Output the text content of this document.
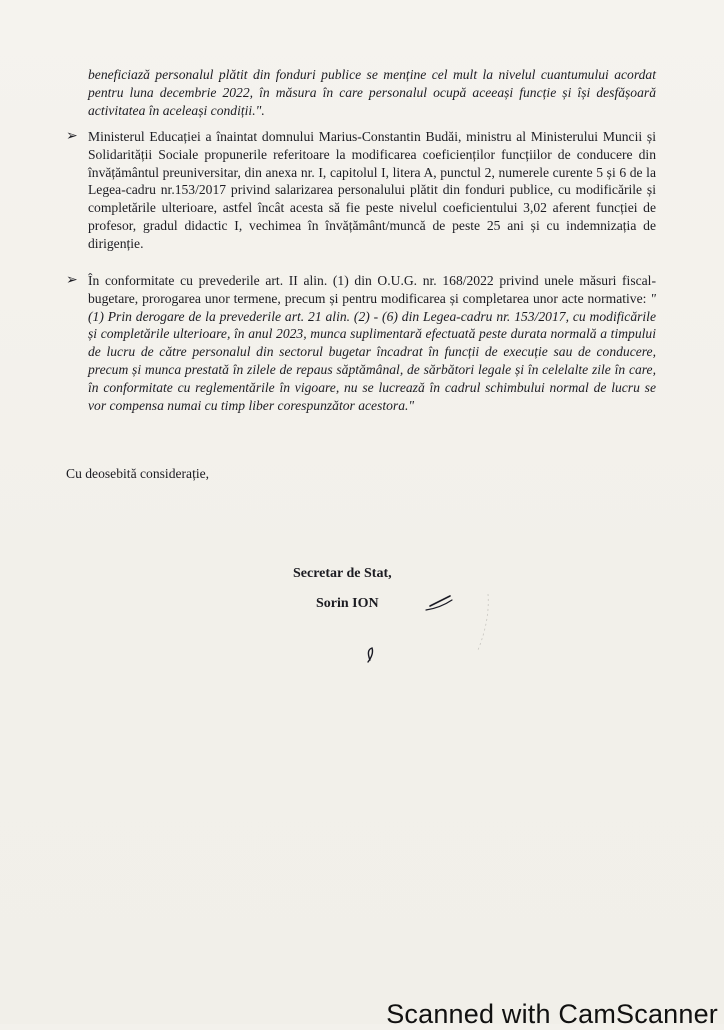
beneficiază personalul plătit din fonduri publice se menține cel mult la nivelul cuantumului acordat pentru luna decembrie 2022, în măsura în care personalul ocupă aceeași funcție și își desfășoară activitatea în aceleași condiții.".
➢ Ministerul Educației a înaintat domnului Marius-Constantin Budăi, ministru al Ministerului Muncii și Solidarității Sociale propunerile referitoare la modificarea coeficienților funcțiilor de conducere din învățământul preuniversitar, din anexa nr. I, capitolul I, litera A, punctul 2, numerele curente 5 și 6 de la Legea-cadru nr.153/2017 privind salarizarea personalului plătit din fonduri publice, cu modificările și completările ulterioare, astfel încât acesta să fie peste nivelul coeficientului 3,02 aferent funcției de profesor, gradul didactic I, vechimea în învățământ/muncă de peste 25 ani și cu indemnizația de dirigenție.
➢ În conformitate cu prevederile art. II alin. (1) din O.U.G. nr. 168/2022 privind unele măsuri fiscal-bugetare, prorogarea unor termene, precum și pentru modificarea și completarea unor acte normative: "(1) Prin derogare de la prevederile art. 21 alin. (2) - (6) din Legea-cadru nr. 153/2017, cu modificările și completările ulterioare, în anul 2023, munca suplimentară efectuată peste durata normală a timpului de lucru de către personalul din sectorul bugetar încadrat în funcții de execuție sau de conducere, precum și munca prestată în zilele de repaus săptămânal, de sărbători legale și în celelalte zile în care, în conformitate cu reglementările în vigoare, nu se lucrează în cadrul schimbului normal de lucru se vor compensa numai cu timp liber corespunzător acestora."
Cu deosebită considerație,
Secretar de Stat,
Sorin ION
Scanned with CamScanner
